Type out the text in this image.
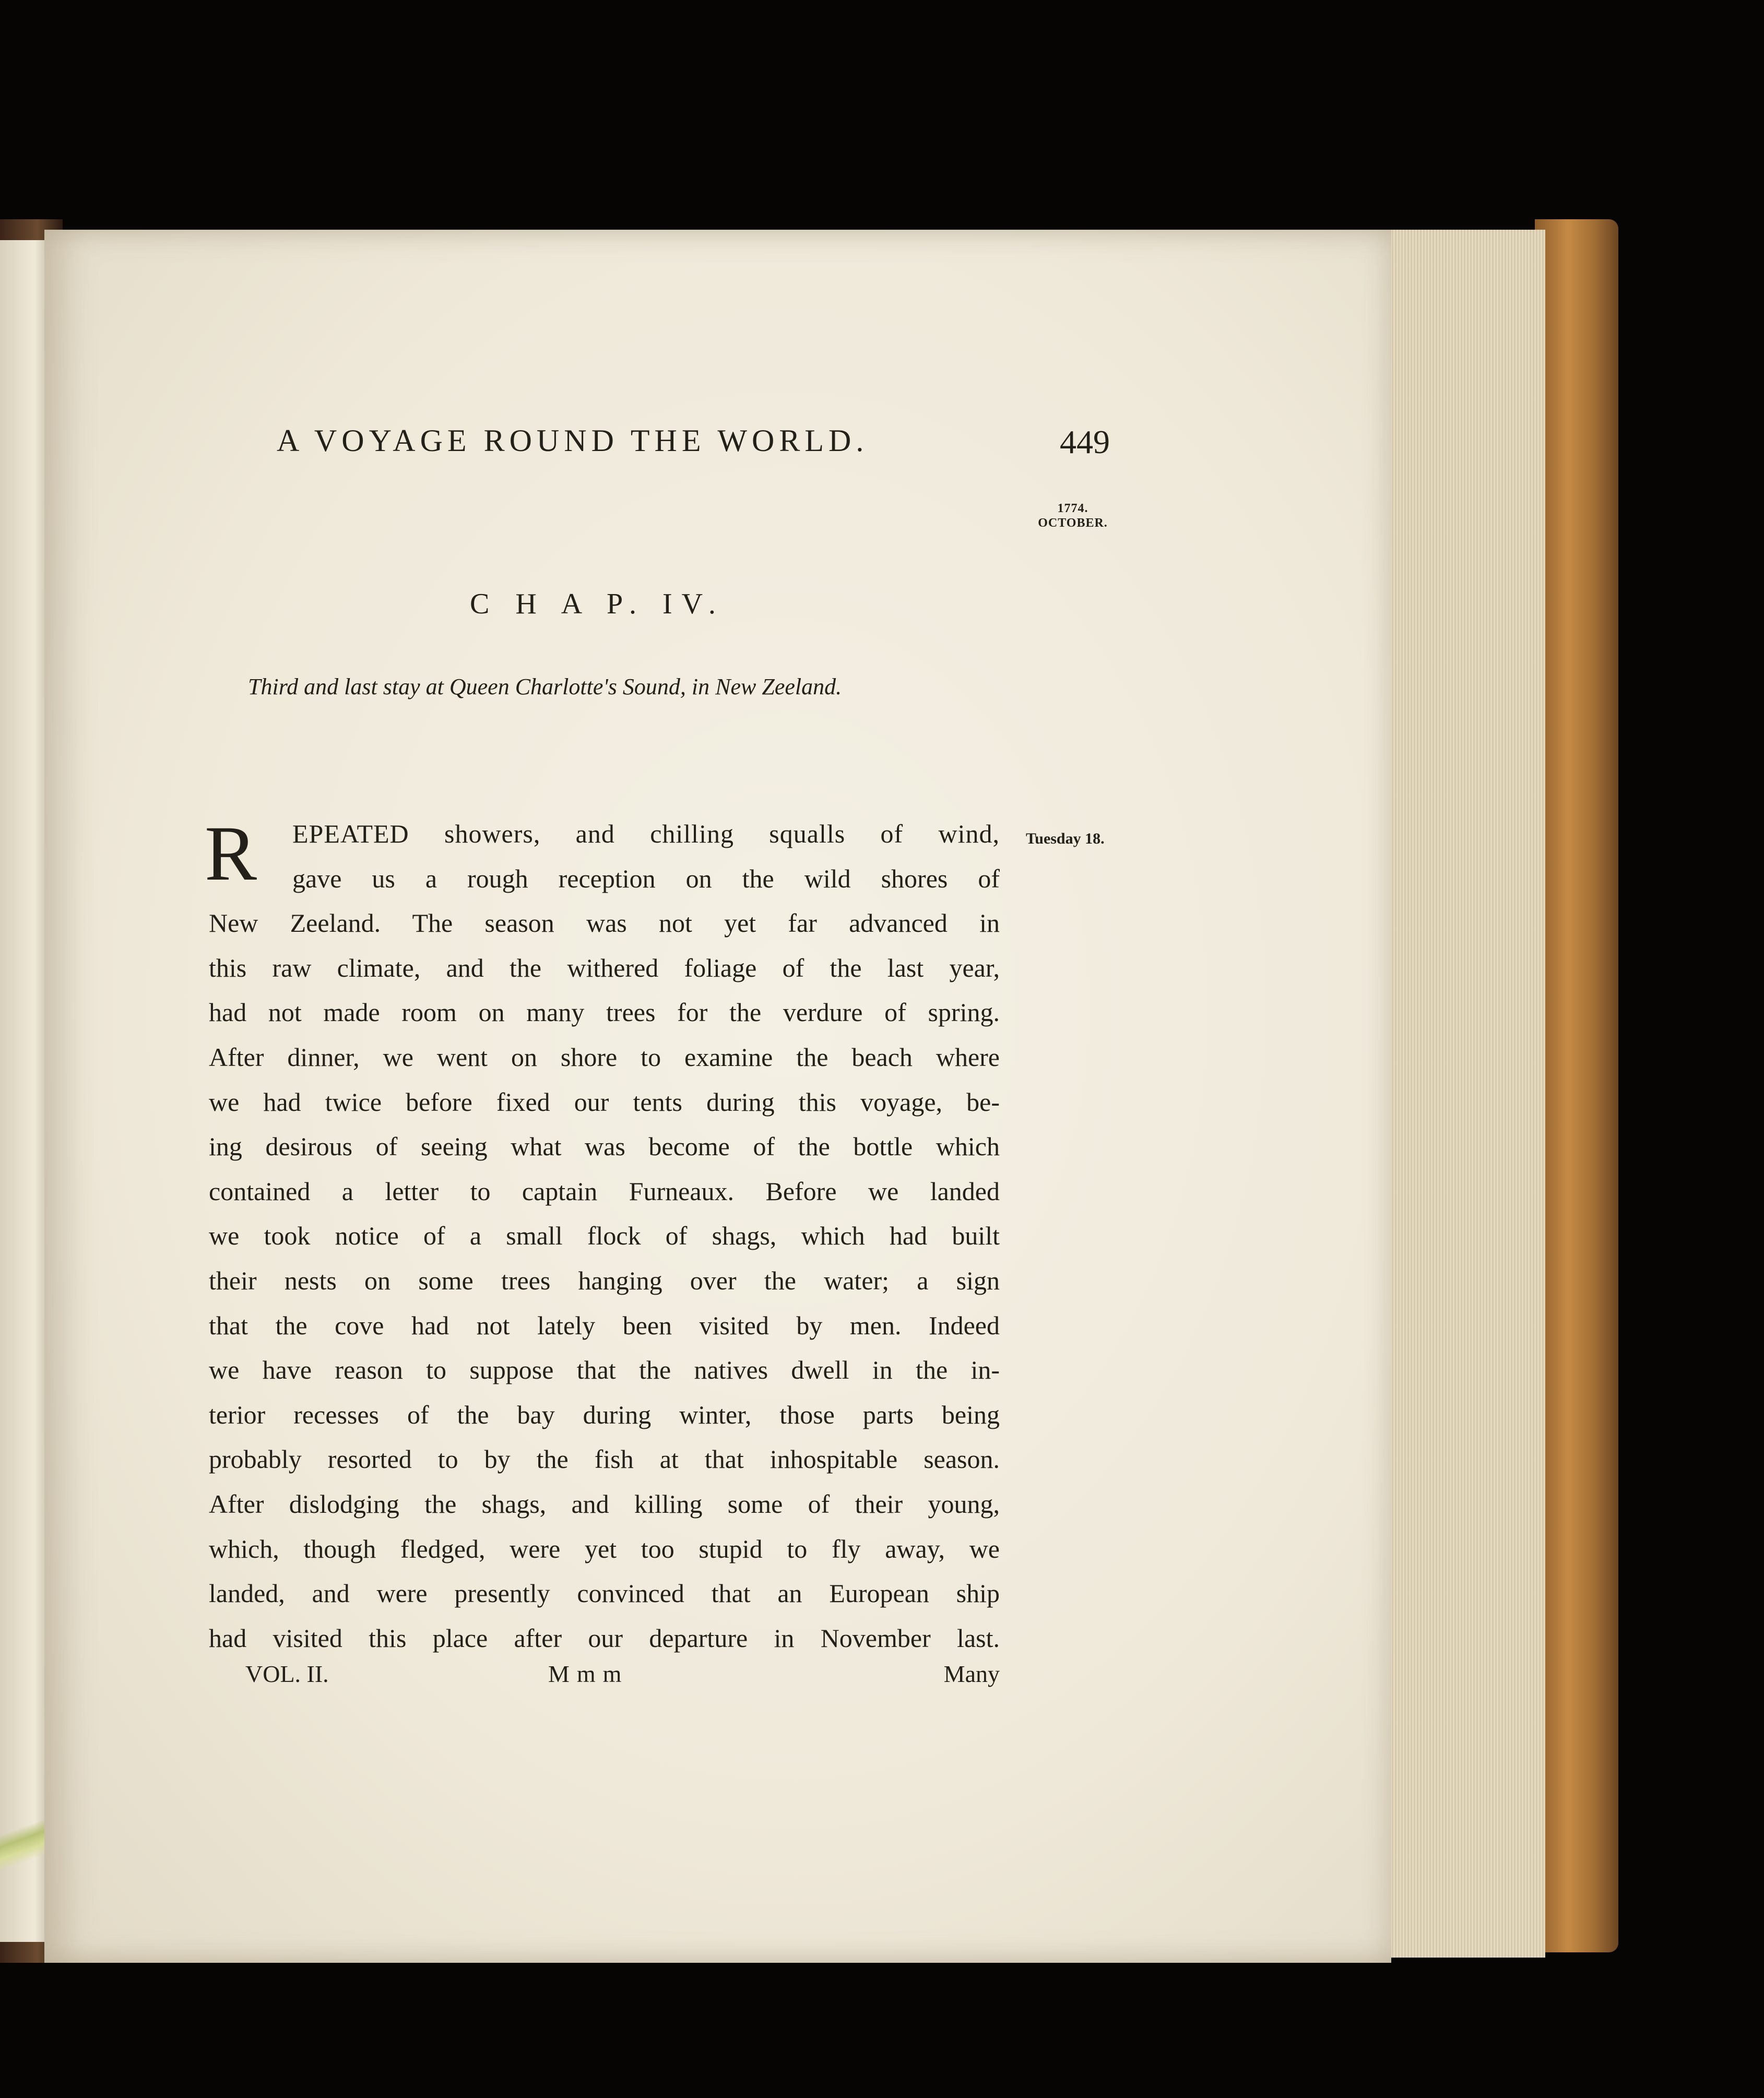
A VOYAGE ROUND THE WORLD.	449
1774.
OCTOBER.
C H A P. IV.
Third and last stay at Queen Charlotte's Sound, in New Zeeland.
Tuesday 18.
R	EPEATED showers, and chilling squalls of wind,
gave us a rough reception on the wild shores of
New Zeeland. The season was not yet far advanced in
this raw climate, and the withered foliage of the last year,
had not made room on many trees for the verdure of spring.
After dinner, we went on shore to examine the beach where
we had twice before fixed our tents during this voyage, be-
ing desirous of seeing what was become of the bottle which
contained a letter to captain Furneaux. Before we landed
we took notice of a small flock of shags, which had built
their nests on some trees hanging over the water; a sign
that the cove had not lately been visited by men. Indeed
we have reason to suppose that the natives dwell in the in-
terior recesses of the bay during winter, those parts being
probably resorted to by the fish at that inhospitable season.
After dislodging the shags, and killing some of their young,
which, though fledged, were yet too stupid to fly away, we
landed, and were presently convinced that an European ship
had visited this place after our departure in November last.
VOL. II.	Mmm	Many
